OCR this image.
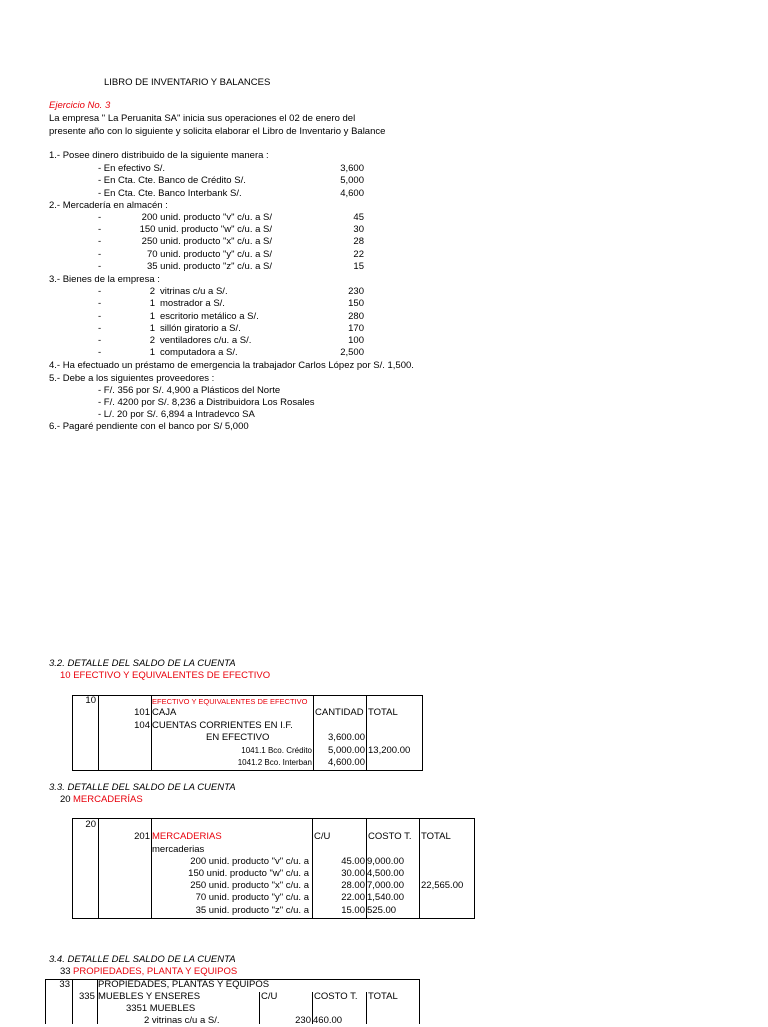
LIBRO DE INVENTARIO Y BALANCES
Ejercicio No. 3
La empresa " La Peruanita SA" inicia sus operaciones el 02 de enero del
presente año con lo siguiente y solicita elaborar el Libro de Inventario y Balance
1.- Posee dinero distribuido de la siguiente manera :
- En efectivo S/.	3,600
- En Cta. Cte. Banco de Crédito S/.	5,000
- En Cta. Cte. Banco Interbank S/.	4,600
2.- Mercadería en almacén :
-	200 unid. producto "v" c/u. a S/	45
-	150 unid. producto "w" c/u. a S/	30
-	250 unid. producto "x" c/u. a S/	28
-	70 unid. producto "y" c/u. a S/	22
-	35 unid. producto "z" c/u. a S/	15
3.- Bienes de la empresa :
-	2 vitrinas c/u a S/.	230
-	1 mostrador a S/.	150
-	1 escritorio metálico a S/.	280
-	1 sillón giratorio a S/.	170
-	2 ventiladores c/u. a S/.	100
-	1 computadora a S/.	2,500
4.- Ha efectuado un préstamo de emergencia la trabajador Carlos López por S/. 1,500.
5.- Debe a los siguientes proveedores :
- F/. 356 por S/. 4,900 a Plásticos del Norte
- F/. 4200 por S/. 8,236 a Distribuidora Los Rosales
- L/. 20 por S/. 6,894 a Intradevco SA
6.- Pagaré pendiente con el banco por S/ 5,000
3.2. DETALLE DEL SALDO DE LA CUENTA
10 EFECTIVO Y EQUIVALENTES DE EFECTIVO
10	EFECTIVO Y EQUIVALENTES DE EFECTIVO
101 CAJA	CANTIDAD TOTAL
104 CUENTAS CORRIENTES EN I.F.
EN EFECTIVO	3,600.00
1041.1 Bco. Crédito	5,000.00 13,200.00
1041.2 Bco. Interban	4,600.00
3.3. DETALLE DEL SALDO DE LA CUENTA
20 MERCADERÍAS
20
201 MERCADERIAS	C/U	COSTO T. TOTAL
mercaderias
200 unid. producto "v" c/u. a	45.00 9,000.00
150 unid. producto "w" c/u. a	30.00 4,500.00
250 unid. producto "x" c/u. a	28.00 7,000.00 22,565.00
70 unid. producto "y" c/u. a	22.00 1,540.00
35 unid. producto "z" c/u. a	15.00 525.00
3.4. DETALLE DEL SALDO DE LA CUENTA
33 PROPIEDADES, PLANTA Y EQUIPOS
33	PROPIEDADES, PLANTAS Y EQUIPOS
335 MUEBLES Y ENSERES	C/U	COSTO T. TOTAL
3351 MUEBLES
2 vitrinas c/u a S/.	230 460.00
